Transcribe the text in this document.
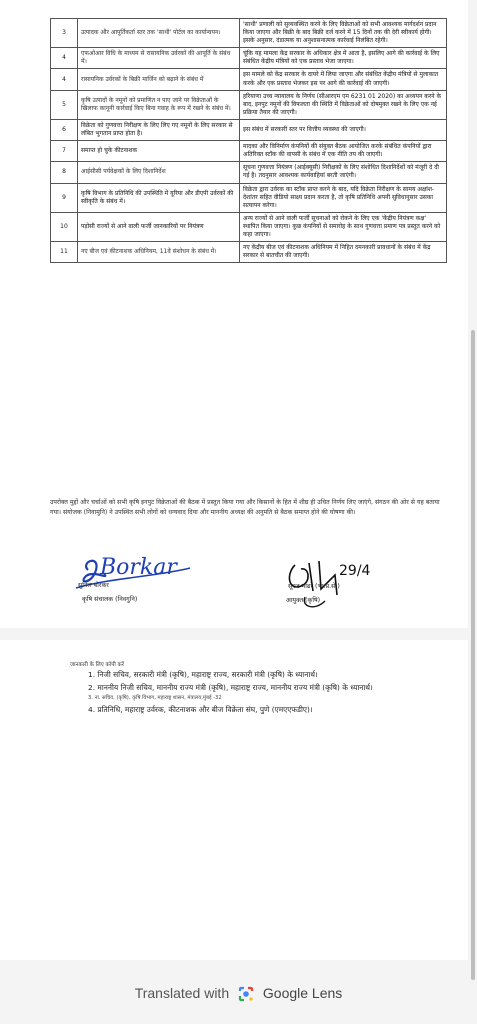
3	उत्पादक और आपूर्तिकर्ता स्तर तक 'साथी' पोर्टल का कार्यान्वयन।	'साथी' प्रणाली को सुव्यवस्थित करने के लिए विक्रेताओं को सभी आवश्यक मार्गदर्शन प्रदान किया जाएगा और बिक्री के बाद बिक्री दर्ज करने में 15 दिनों तक की देरी स्वीकार्य होगी। इसके अनुसार, दंडात्मक या अनुशासनात्मक कार्रवाई निलंबित रहेगी।
4	एफओआर विधि के माध्यम से रासायनिक उर्वरकों की आपूर्ति के संबंध में।	चूंकि यह मामला केंद्र सरकार के अधिकार क्षेत्र में आता है, इसलिए आगे की कार्रवाई के लिए संबंधित केंद्रीय मंत्रियों को एक प्रस्ताव भेजा जाएगा।
4	रासायनिक उर्वरकों के बिक्री मार्जिन को बढ़ाने के संबंध में	इस मामले को केंद्र सरकार के दायरे में लिया जाएगा और संबंधित केंद्रीय मंत्रियों से मुलाकात करके और एक प्रस्ताव भेजकर इस पर आगे की कार्रवाई की जाएगी।
5	कृषि उत्पादों के नमूनों को प्रमाणित न पाए जाने पर विक्रेताओं के खिलाफ कानूनी कार्रवाई किए बिना गवाह के रूप में रखने के संबंध में।	हरियाणा उच्च न्यायालय के निर्णय (सीआरएम एम 6231 01 2020) का अध्ययन करने के बाद, इनपुट नमूनों की विफलता की स्थिति में विक्रेताओं को दोषमुक्त रखने के लिए एक नई प्रक्रिया तैयार की जाएगी।
6	विक्रेता को गुणवत्ता निरीक्षण के लिए लिए गए नमूनों के लिए सरकार से लंबित भुगतान प्राप्त होता है।	इस संबंध में सरकारी स्तर पर वित्तीय व्यवस्था की जाएगी।
7	समाप्त हो चुके कीटनाशक	मादका और विनिर्माण कंपनियों की संयुक्त बैठक आयोजित करके संबंधित कंपनियों द्वारा अतिरिक्त स्टॉक की वापसी के संबंध में एक नीति तय की जाएगी।
8	आईसीसी पर्यवेक्षकों के लिए दिशानिर्देश	सूचना गुणवत्ता नियंत्रण (आईक्यूसी) निरीक्षकों के लिए संशोधित दिशानिर्देशों को मंजूरी दे दी गई है। तदनुसार आवश्यक कार्यवाहियां बरती जाएंगी।
9	कृषि विभाग के प्रतिनिधि की उपस्थिति में यूरिया और डीएपी उर्वरकों की स्वीकृति के संबंध में।	विक्रेता द्वारा उर्वरक का स्टॉक प्राप्त करने के बाद, यदि विक्रेता निरीक्षण के सामय अक्षांश-देशांतर सहित वीडियो साक्ष्य प्रदान करता है, तो कृषि प्रतिनिधि अपनी सुविधानुसार उसका सत्यापन करेगा।
10	पड़ोसी राज्यों से आने वाली फर्जी जानकारियों पर नियंत्रण	अन्य राज्यों से आने वाली फर्जी सूचनाओं को रोकने के लिए एक 'केंद्रीय नियंत्रण कक्ष' स्थापित किया जाएगा। कुछ कंपनियों से समारोह के साथ गुणवत्ता प्रमाण पत्र प्रस्तुत करने को कहा जाएगा।
11	नए बीज एवं कीटनाशक अधिनियम, 11वें संशोधन के संबंध में।	नए केंद्रीय बीज एवं कीटनाशक अधिनियम में निहित दमनकारी प्रावधानों के संबंध में केंद्र सरकार से बातचीत की जाएगी।
उपरोक्त मुद्दों और चर्चाओं को सभी कृषि इनपुट विक्रेताओं की बैठक में प्रस्तुत किया गया और किसानों के हित में शीघ्र ही उचित निर्णय लिए जाएंगे, संगठन की ओर से यह बताया गया। संयोजक (निवामुनि) ने उपस्थित सभी लोगों को धन्यवाद दिया और माननीय अध्यक्ष की अनुमति से बैठक समाप्त होने की घोषणा की।
Borkar
सुनिल बोरकर
कृषि संचालक (निवगुनि)
29/4
सूरज मांढरे (भा.प्र.से.)
आयुक्त (कृषि)
जानकारी के लिए कॉपी करें
1. निजी सचिव, सरकारी मंत्री (कृषि), महाराष्ट्र राज्य, सरकारी मंत्री (कृषि) के ध्यानार्थ।
2. माननीय निजी सचिव, माननीय राज्य मंत्री (कृषि), महाराष्ट्र राज्य, माननीय राज्य मंत्री (कृषि) के ध्यानार्थ।
3. ना. सचिव, (कृषि), कृषि विभाग, महाराष्ट्र शासन, मंत्रालय,मुंबई -32
4. प्रतिनिधि, महाराष्ट्र उर्वरक, कीटनाशक और बीज विक्रेता संघ, पुणे (एमएएफडीए)।
Translated with Google Lens
